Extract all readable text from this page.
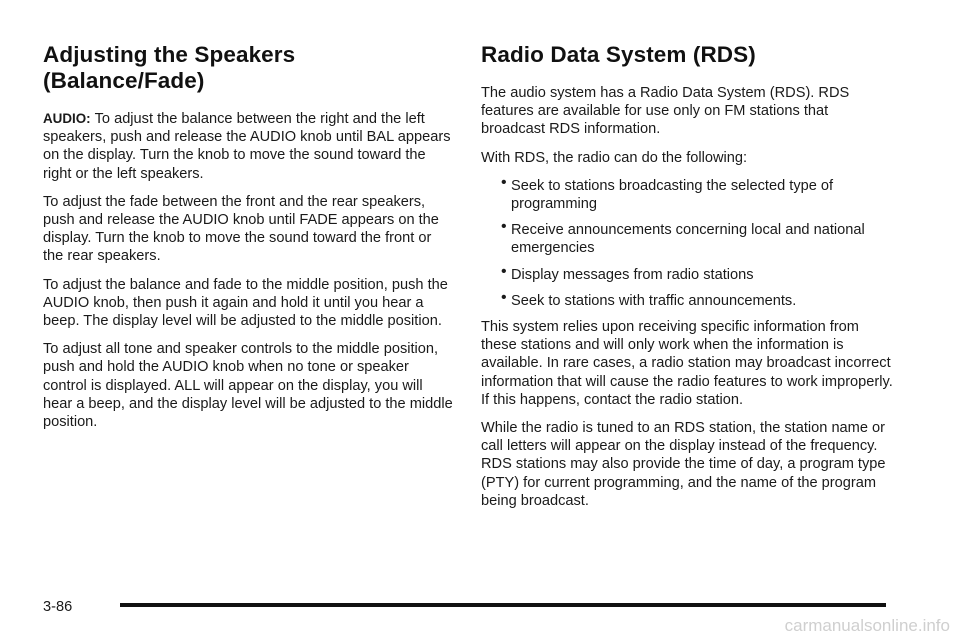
Adjusting the Speakers (Balance/Fade)

AUDIO: To adjust the balance between the right and the left speakers, push and release the AUDIO knob until BAL appears on the display. Turn the knob to move the sound toward the right or the left speakers.

To adjust the fade between the front and the rear speakers, push and release the AUDIO knob until FADE appears on the display. Turn the knob to move the sound toward the front or the rear speakers.

To adjust the balance and fade to the middle position, push the AUDIO knob, then push it again and hold it until you hear a beep. The display level will be adjusted to the middle position.

To adjust all tone and speaker controls to the middle position, push and hold the AUDIO knob when no tone or speaker control is displayed. ALL will appear on the display, you will hear a beep, and the display level will be adjusted to the middle position.

Radio Data System (RDS)

The audio system has a Radio Data System (RDS). RDS features are available for use only on FM stations that broadcast RDS information.

With RDS, the radio can do the following:

• Seek to stations broadcasting the selected type of programming
• Receive announcements concerning local and national emergencies
• Display messages from radio stations
• Seek to stations with traffic announcements.

This system relies upon receiving specific information from these stations and will only work when the information is available. In rare cases, a radio station may broadcast incorrect information that will cause the radio features to work improperly. If this happens, contact the radio station.

While the radio is tuned to an RDS station, the station name or call letters will appear on the display instead of the frequency. RDS stations may also provide the time of day, a program type (PTY) for current programming, and the name of the program being broadcast.

3-86
carmanualsonline.info
